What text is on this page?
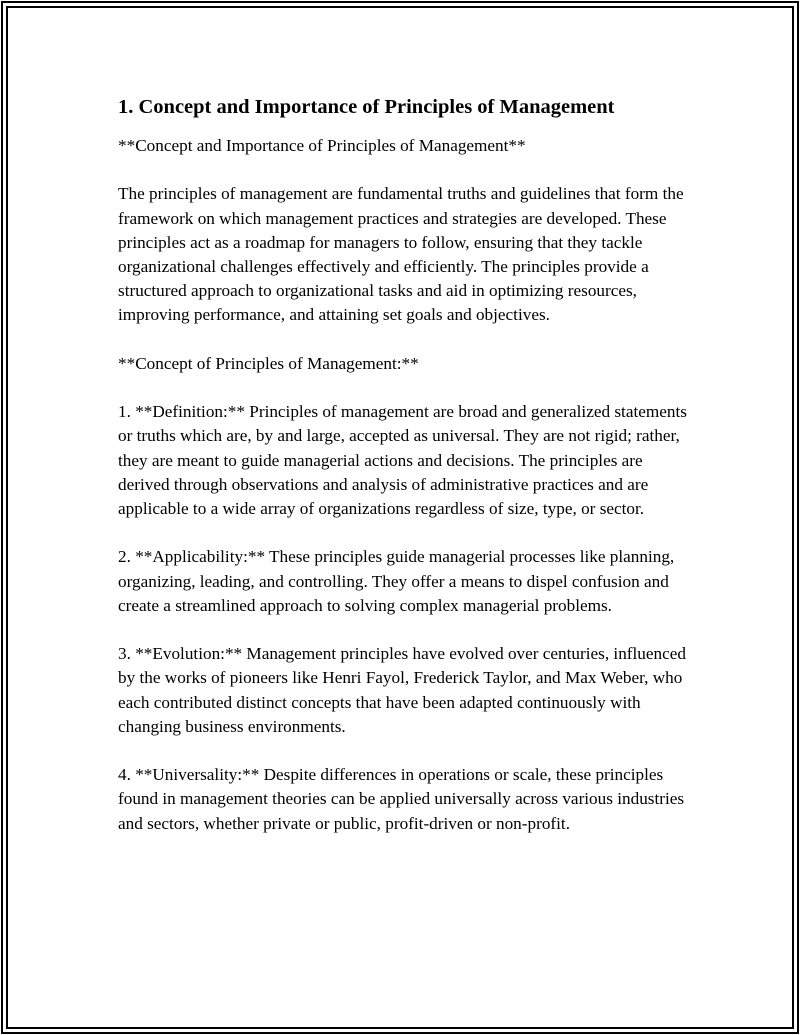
1. Concept and Importance of Principles of Management

**Concept and Importance of Principles of Management**

The principles of management are fundamental truths and guidelines that form the framework on which management practices and strategies are developed. These principles act as a roadmap for managers to follow, ensuring that they tackle organizational challenges effectively and efficiently. The principles provide a structured approach to organizational tasks and aid in optimizing resources, improving performance, and attaining set goals and objectives.

**Concept of Principles of Management:**

1. **Definition:** Principles of management are broad and generalized statements or truths which are, by and large, accepted as universal. They are not rigid; rather, they are meant to guide managerial actions and decisions. The principles are derived through observations and analysis of administrative practices and are applicable to a wide array of organizations regardless of size, type, or sector.

2. **Applicability:** These principles guide managerial processes like planning, organizing, leading, and controlling. They offer a means to dispel confusion and create a streamlined approach to solving complex managerial problems.

3. **Evolution:** Management principles have evolved over centuries, influenced by the works of pioneers like Henri Fayol, Frederick Taylor, and Max Weber, who each contributed distinct concepts that have been adapted continuously with changing business environments.

4. **Universality:** Despite differences in operations or scale, these principles found in management theories can be applied universally across various industries and sectors, whether private or public, profit-driven or non-profit.
